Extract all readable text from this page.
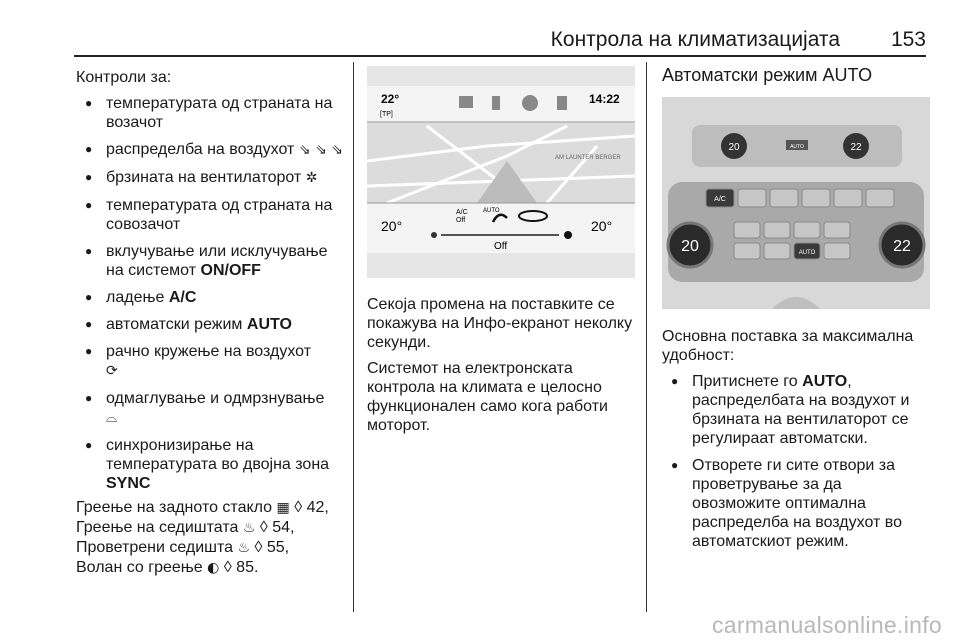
Контрола на климатизацијата 153

Контроли за:

● температурата од страната на возачот
● распределба на воздухот ⇘ ⇘ ⇘
● брзината на вентилаторот ✲
● температурата од страната на совозачот
● вклучување или исклучување на системот ON/OFF
● ладење A/C
● автоматски режим AUTO
● рачно кружење на воздухот
⟳
● одмаглување и одмрзнување
⌓
● синхронизирање на температурата во двојна зона
SYNC
Греење на задното стакло ▦ ◊ 42,
Греење на седиштата ♨ ◊ 54,
Проветрени седишта ♨ ◊ 55,
Волан со греење ◐ ◊ 85.
22°
[TP]
14:22
AM LAUNTER BERGER
20°	20°
A/C
Off
AUTO
Off

Секоја промена на поставките се покажува на Инфо-екранот неколку секунди.

Системот на електронската контрола на климата е целосно функционален само кога работи моторот.

Автоматски режим AUTO
20	22
AUTO
A/C
AUTO
20	22

Основна поставка за максимална удобност:

● Притиснете го AUTO, распределбата на воздухот и брзината на вентилаторот се регулираат автоматски.
● Отворете ги сите отвори за проветрување за да овозможите оптимална распределба на воздухот во автоматскиот режим.
carmanualsonline.info
